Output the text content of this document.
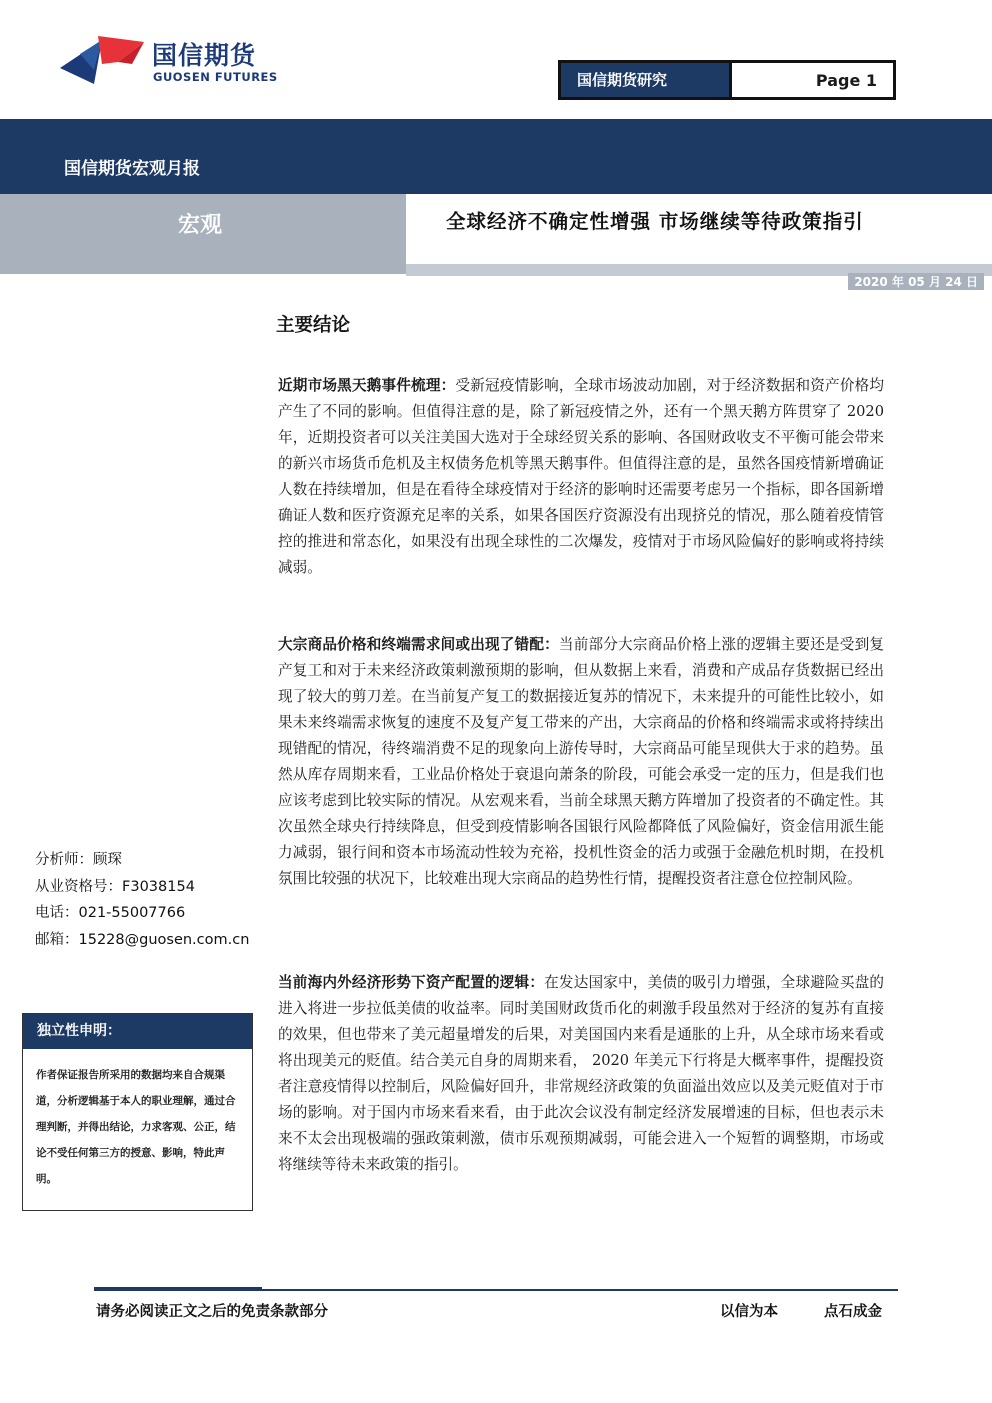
国信期货
GUOSEN FUTURES	国信期货研究	Page 1
国信期货宏观月报
宏观	全球经济不确定性增强 市场继续等待政策指引
2020 年 05 月 24 日
主要结论
近期市场黑天鹅事件梳理：受新冠疫情影响，全球市场波动加剧，对于经济数据和资产价格均产生了不同的影响。但值得注意的是，除了新冠疫情之外，还有一个黑天鹅方阵贯穿了 2020 年，近期投资者可以关注美国大选对于全球经贸关系的影响、各国财政收支不平衡可能会带来的新兴市场货币危机及主权债务危机等黑天鹅事件。但值得注意的是，虽然各国疫情新增确证人数在持续增加，但是在看待全球疫情对于经济的影响时还需要考虑另一个指标，即各国新增确证人数和医疗资源充足率的关系，如果各国医疗资源没有出现挤兑的情况，那么随着疫情管控的推进和常态化，如果没有出现全球性的二次爆发，疫情对于市场风险偏好的影响或将持续减弱。
大宗商品价格和终端需求间或出现了错配：当前部分大宗商品价格上涨的逻辑主要还是受到复产复工和对于未来经济政策刺激预期的影响，但从数据上来看，消费和产成品存货数据已经出现了较大的剪刀差。在当前复产复工的数据接近复苏的情况下，未来提升的可能性比较小，如果未来终端需求恢复的速度不及复产复工带来的产出，大宗商品的价格和终端需求或将持续出现错配的情况，待终端消费不足的现象向上游传导时，大宗商品可能呈现供大于求的趋势。虽然从库存周期来看，工业品价格处于衰退向萧条的阶段，可能会承受一定的压力，但是我们也应该考虑到比较实际的情况。从宏观来看，当前全球黑天鹅方阵增加了投资者的不确定性。其次虽然全球央行持续降息，但受到疫情影响各国银行风险都降低了风险偏好，资金信用派生能力减弱，银行间和资本市场流动性较为充裕，投机性资金的活力或强于金融危机时期，在投机氛围比较强的状况下，比较难出现大宗商品的趋势性行情，提醒投资者注意仓位控制风险。
当前海内外经济形势下资产配置的逻辑：在发达国家中，美债的吸引力增强，全球避险买盘的进入将进一步拉低美债的收益率。同时美国财政货币化的刺激手段虽然对于经济的复苏有直接的效果，但也带来了美元超量增发的后果，对美国国内来看是通胀的上升，从全球市场来看或将出现美元的贬值。结合美元自身的周期来看， 2020 年美元下行将是大概率事件，提醒投资者注意疫情得以控制后，风险偏好回升，非常规经济政策的负面溢出效应以及美元贬值对于市场的影响。对于国内市场来看来看，由于此次会议没有制定经济发展增速的目标，但也表示未来不太会出现极端的强政策刺激，债市乐观预期减弱，可能会进入一个短暂的调整期，市场或将继续等待未来政策的指引。
分析师：顾琛
从业资格号：F3038154
电话：021-55007766
邮箱：15228@guosen.com.cn
独立性申明：
作者保证报告所采用的数据均来自合规渠道，分析逻辑基于本人的职业理解，通过合理判断，并得出结论，力求客观、公正，结论不受任何第三方的授意、影响，特此声明。
请务必阅读正文之后的免责条款部分	以信为本	点石成金
